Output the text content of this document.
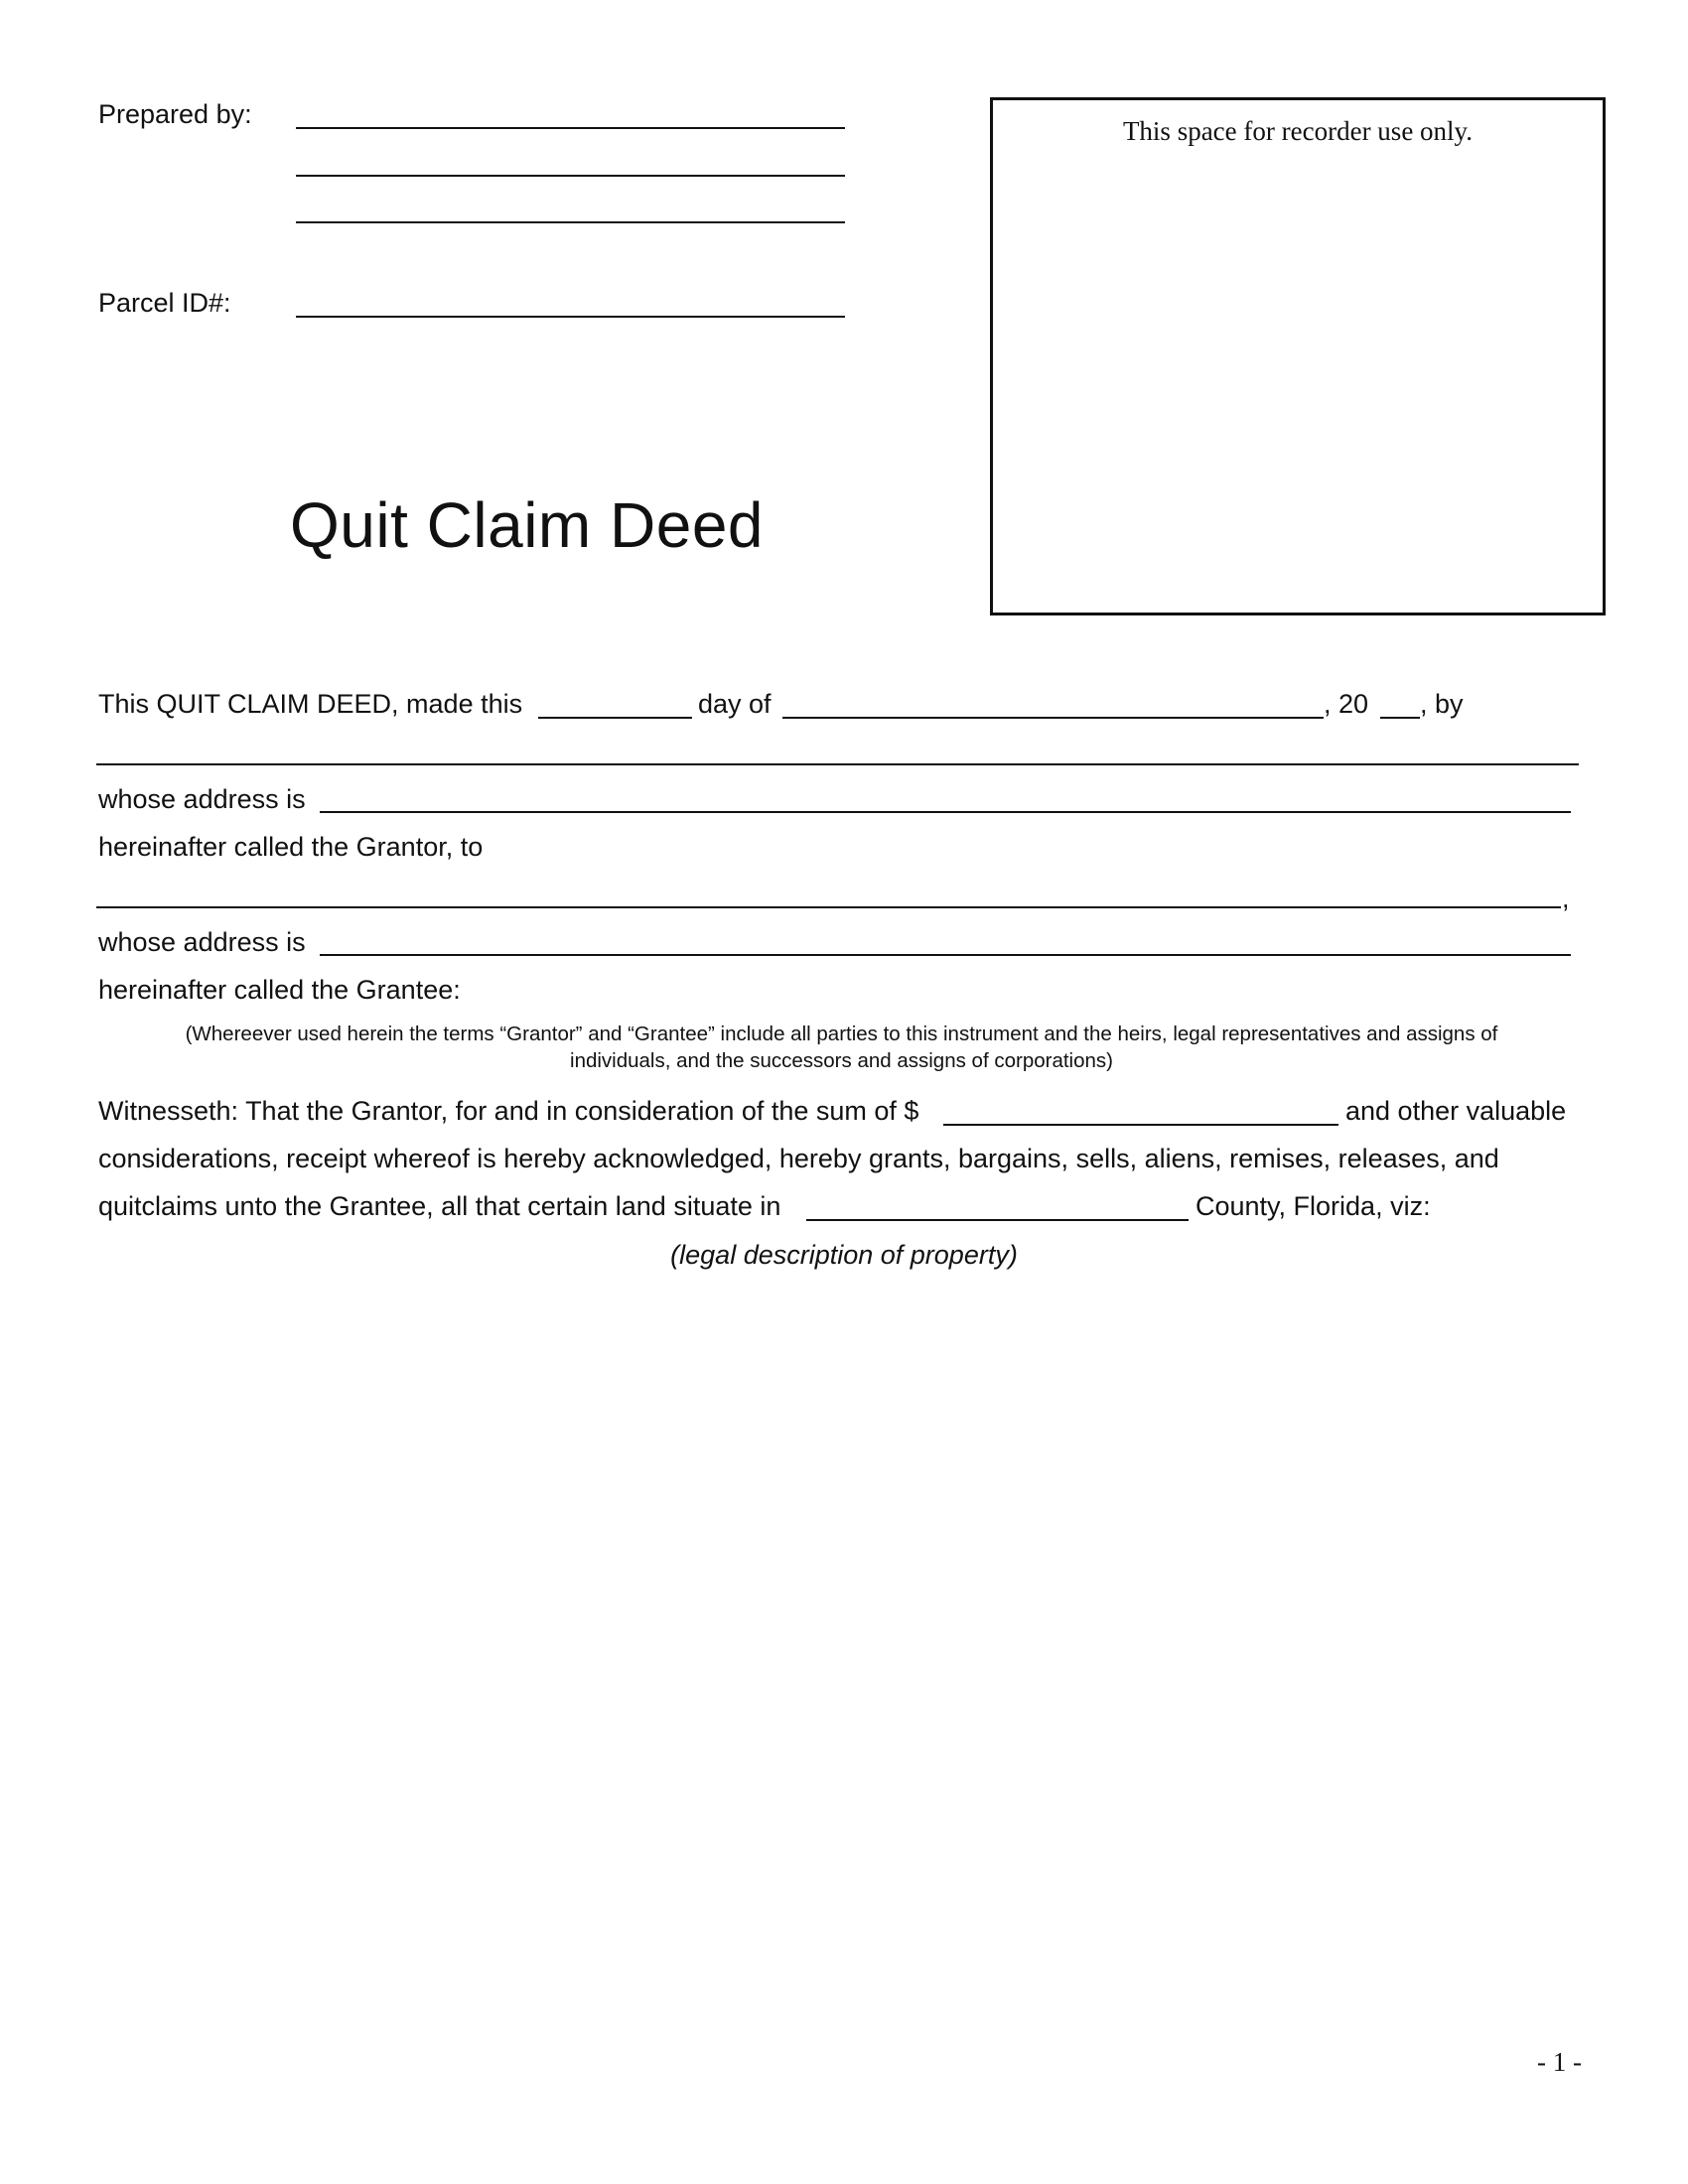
Prepared by:
Parcel ID#:
This space for recorder use only.
Quit Claim Deed
This QUIT CLAIM DEED, made this	day of	, 20 , by
whose address is
hereinafter called the Grantor, to
,
whose address is
hereinafter called the Grantee:
(Whereever used herein the terms “Grantor” and “Grantee” include all parties to this instrument and the heirs, legal representatives and assigns of
individuals, and the successors and assigns of corporations)
Witnesseth: That the Grantor, for and in consideration of the sum of $	and other valuable
considerations, receipt whereof is hereby acknowledged, hereby grants, bargains, sells, aliens, remises, releases, and
quitclaims unto the Grantee, all that certain land situate in	County, Florida, viz:
(legal description of property)
- 1 -
